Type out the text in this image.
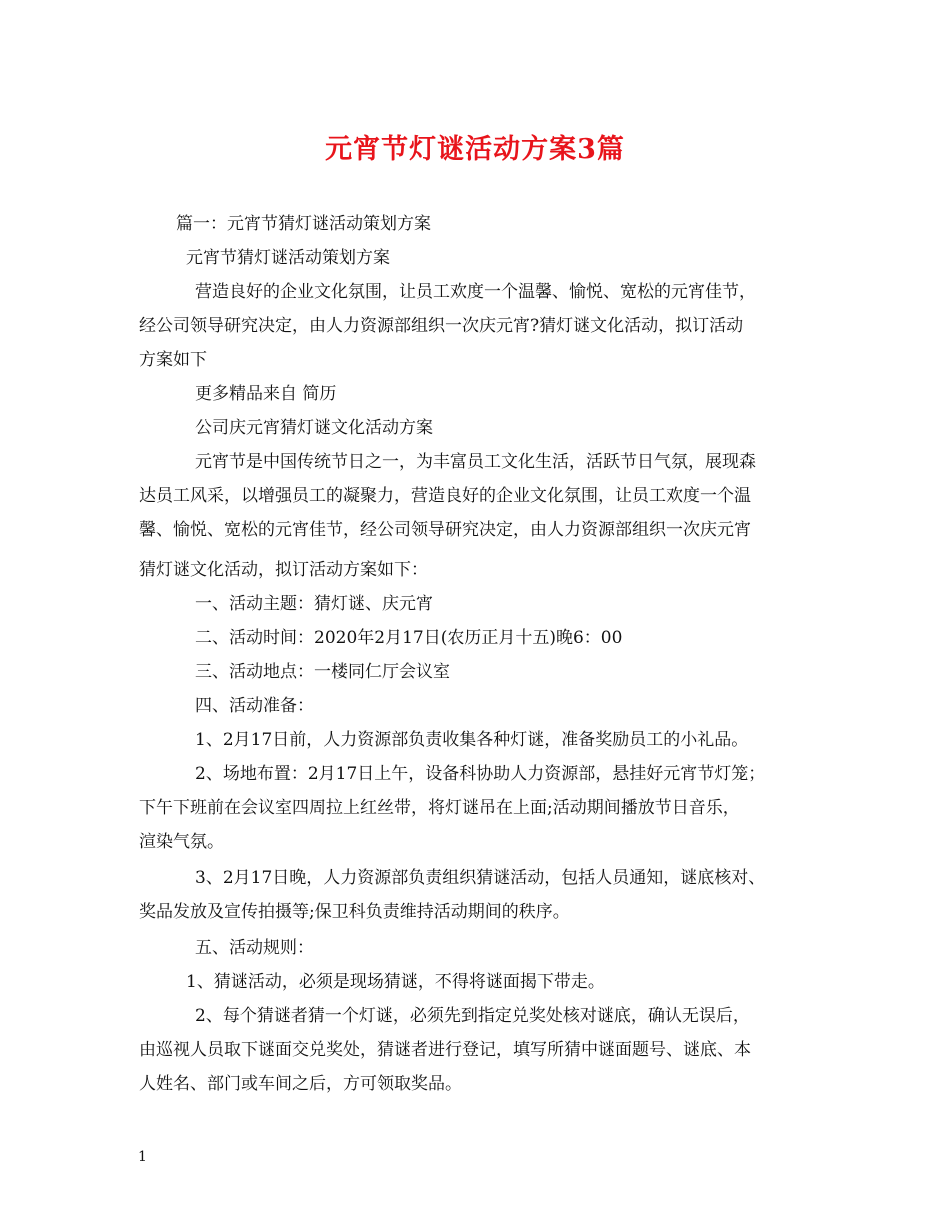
元宵节灯谜活动方案3篇

篇一：元宵节猜灯谜活动策划方案

元宵节猜灯谜活动策划方案

营造良好的企业文化氛围，让员工欢度一个温馨、愉悦、宽松的元宵佳节，

经公司领导研究决定，由人力资源部组织一次庆元宵?猜灯谜文化活动，拟订活动

方案如下

更多精品来自 简历

公司庆元宵猜灯谜文化活动方案

元宵节是中国传统节日之一，为丰富员工文化生活，活跃节日气氛，展现森

达员工风采，以增强员工的凝聚力，营造良好的企业文化氛围，让员工欢度一个温

馨、愉悦、宽松的元宵佳节，经公司领导研究决定，由人力资源部组织一次庆元宵

猜灯谜文化活动，拟订活动方案如下：

一、活动主题：猜灯谜、庆元宵

二、活动时间：2020年2月17日(农历正月十五)晚6：00

三、活动地点：一楼同仁厅会议室

四、活动准备：

1、2月17日前，人力资源部负责收集各种灯谜，准备奖励员工的小礼品。

2、场地布置：2月17日上午，设备科协助人力资源部，悬挂好元宵节灯笼；

下午下班前在会议室四周拉上红丝带，将灯谜吊在上面;活动期间播放节日音乐，

渲染气氛。

3、2月17日晚，人力资源部负责组织猜谜活动，包括人员通知，谜底核对、

奖品发放及宣传拍摄等;保卫科负责维持活动期间的秩序。

五、活动规则：

1、猜谜活动，必须是现场猜谜，不得将谜面揭下带走。

2、每个猜谜者猜一个灯谜，必须先到指定兑奖处核对谜底，确认无误后，

由巡视人员取下谜面交兑奖处，猜谜者进行登记，填写所猜中谜面题号、谜底、本

人姓名、部门或车间之后，方可领取奖品。

1
